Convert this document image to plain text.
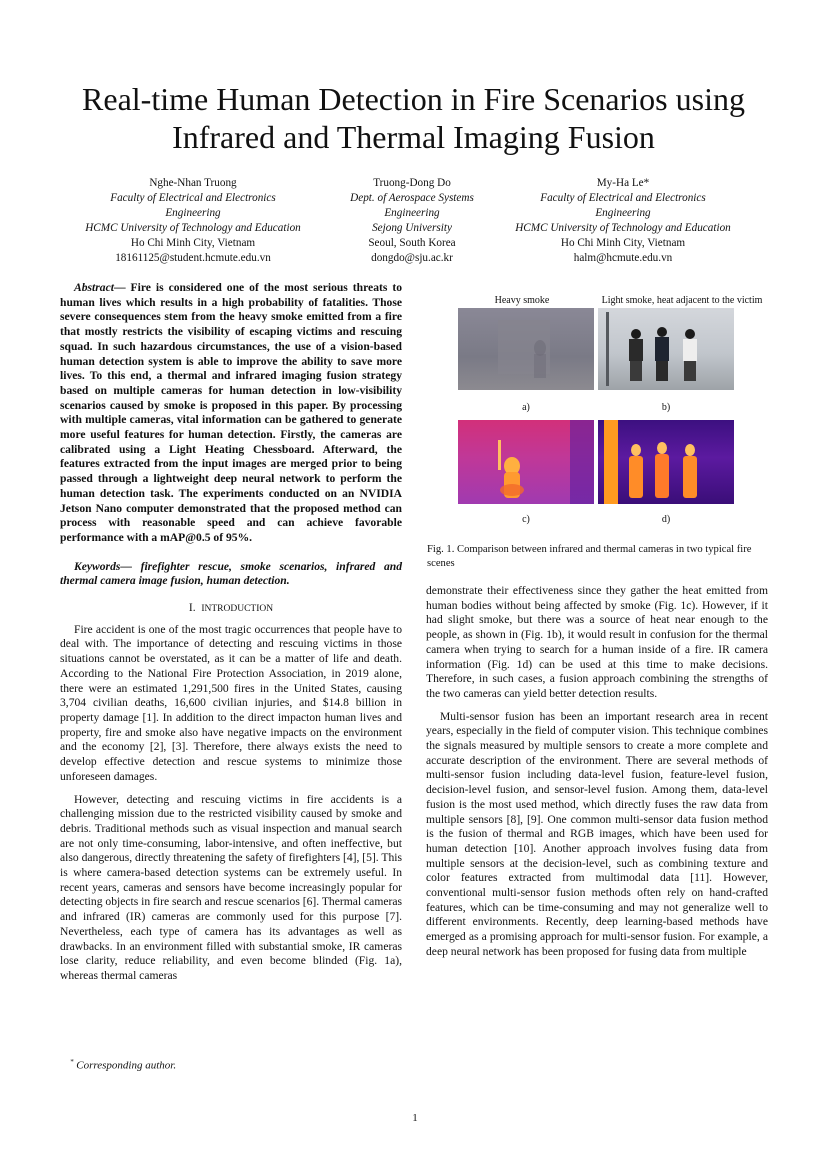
Real-time Human Detection in Fire Scenarios using
Infrared and Thermal Imaging Fusion
Nghe-Nhan Truong
Faculty of Electrical and Electronics
Engineering
HCMC University of Technology and Education
Ho Chi Minh City, Vietnam
18161125@student.hcmute.edu.vn
Truong-Dong Do
Dept. of Aerospace Systems
Engineering
Sejong University
Seoul, South Korea
dongdo@sju.ac.kr
My-Ha Le*
Faculty of Electrical and Electronics
Engineering
HCMC University of Technology and Education
Ho Chi Minh City, Vietnam
halm@hcmute.edu.vn

Abstract— Fire is considered one of the most serious threats to human lives which results in a high probability of fatalities. Those severe consequences stem from the heavy smoke emitted from a fire that mostly restricts the visibility of escaping victims and rescuing squad. In such hazardous circumstances, the use of a vision-based human detection system is able to improve the ability to save more lives. To this end, a thermal and infrared imaging fusion strategy based on multiple cameras for human detection in low-visibility scenarios caused by smoke is proposed in this paper. By processing with multiple cameras, vital information can be gathered to generate more useful features for human detection. Firstly, the cameras are calibrated using a Light Heating Chessboard. Afterward, the features extracted from the input images are merged prior to being passed through a lightweight deep neural network to perform the human detection task. The experiments conducted on an NVIDIA Jetson Nano computer demonstrated that the proposed method can process with reasonable speed and can achieve favorable performance with a mAP@0.5 of 95%.

Keywords— firefighter rescue, smoke scenarios, infrared and thermal camera image fusion, human detection.

I. INTRODUCTION

Fire accident is one of the most tragic occurrences that people have to deal with. The importance of detecting and rescuing victims in those situations cannot be overstated, as it can be a matter of life and death. According to the National Fire Protection Association, in 2019 alone, there were an estimated 1,291,500 fires in the United States, causing 3,704 civilian deaths, 16,600 civilian injuries, and $14.8 billion in property damage [1]. In addition to the direct impacton human lives and property, fire and smoke also have negative impacts on the environment and the economy [2], [3]. Therefore, there always exists the need to develop effective detection and rescue systems to minimize those unforeseen damages.

However, detecting and rescuing victims in fire accidents is a challenging mission due to the restricted visibility caused by smoke and debris. Traditional methods such as visual inspection and manual search are not only time-consuming, labor-intensive, and often ineffective, but also dangerous, directly threatening the safety of firefighters [4], [5]. This is where camera-based detection systems can be extremely useful. In recent years, cameras and sensors have become increasingly popular for detecting objects in fire search and rescue scenarios [6]. Thermal cameras and infrared (IR) cameras are commonly used for this purpose [7]. Nevertheless, each type of camera has its advantages as well as drawbacks. In an environment filled with substantial smoke, IR cameras lose clarity, reduce reliability, and even become blinded (Fig. 1a), whereas thermal cameras

Heavy smoke	Light smoke, heat adjacent to the victim
a)	b)
c)	d)
Fig. 1. Comparison between infrared and thermal cameras in two typical fire scenes

demonstrate their effectiveness since they gather the heat emitted from human bodies without being affected by smoke (Fig. 1c). However, if it had slight smoke, but there was a source of heat near enough to the people, as shown in (Fig. 1b), it would result in confusion for the thermal camera when trying to search for a human inside of a fire. IR camera information (Fig. 1d) can be used at this time to make decisions. Therefore, in such cases, a fusion approach combining the strengths of the two cameras can yield better detection results.

Multi-sensor fusion has been an important research area in recent years, especially in the field of computer vision. This technique combines the signals measured by multiple sensors to create a more complete and accurate description of the environment. There are several methods of multi-sensor fusion including data-level fusion, feature-level fusion, decision-level fusion, and sensor-level fusion. Among them, data-level fusion is the most used method, which directly fuses the raw data from multiple sensors [8], [9]. One common multi-sensor data fusion method is the fusion of thermal and RGB images, which have been used for human detection [10]. Another approach involves fusing data from multiple sensors at the decision-level, such as combining texture and color features extracted from multimodal data [11]. However, conventional multi-sensor fusion methods often rely on hand-crafted features, which can be time-consuming and may not generalize well to different environments. Recently, deep learning-based methods have emerged as a promising approach for multi-sensor fusion. For example, a deep neural network has been proposed for fusing data from multiple

* Corresponding author.
1
